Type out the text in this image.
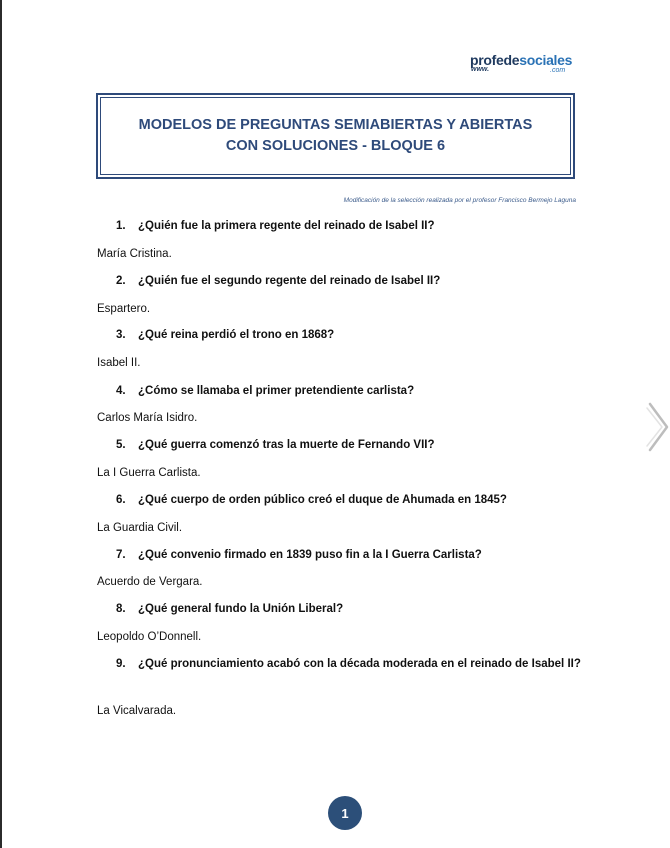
profedesociales
www.	.com
MODELOS DE PREGUNTAS SEMIABIERTAS Y ABIERTAS
CON SOLUCIONES - BLOQUE 6
Modificación de la selección realizada por el profesor Francisco Bermejo Laguna
1.	¿Quién fue la primera regente del reinado de Isabel II?
María Cristina.
2.	¿Quién fue el segundo regente del reinado de Isabel II?
Espartero.
3.	¿Qué reina perdió el trono en 1868?
Isabel II.
4.	¿Cómo se llamaba el primer pretendiente carlista?
Carlos María Isidro.
5.	¿Qué guerra comenzó tras la muerte de Fernando VII?
La I Guerra Carlista.
6.	¿Qué cuerpo de orden público creó el duque de Ahumada en 1845?
La Guardia Civil.
7.	¿Qué convenio firmado en 1839 puso fin a la I Guerra Carlista?
Acuerdo de Vergara.
8.	¿Qué general fundo la Unión Liberal?
Leopoldo O’Donnell.
9.	¿Qué pronunciamiento acabó con la década moderada en el reinado de Isabel II?
La Vicalvarada.
1
